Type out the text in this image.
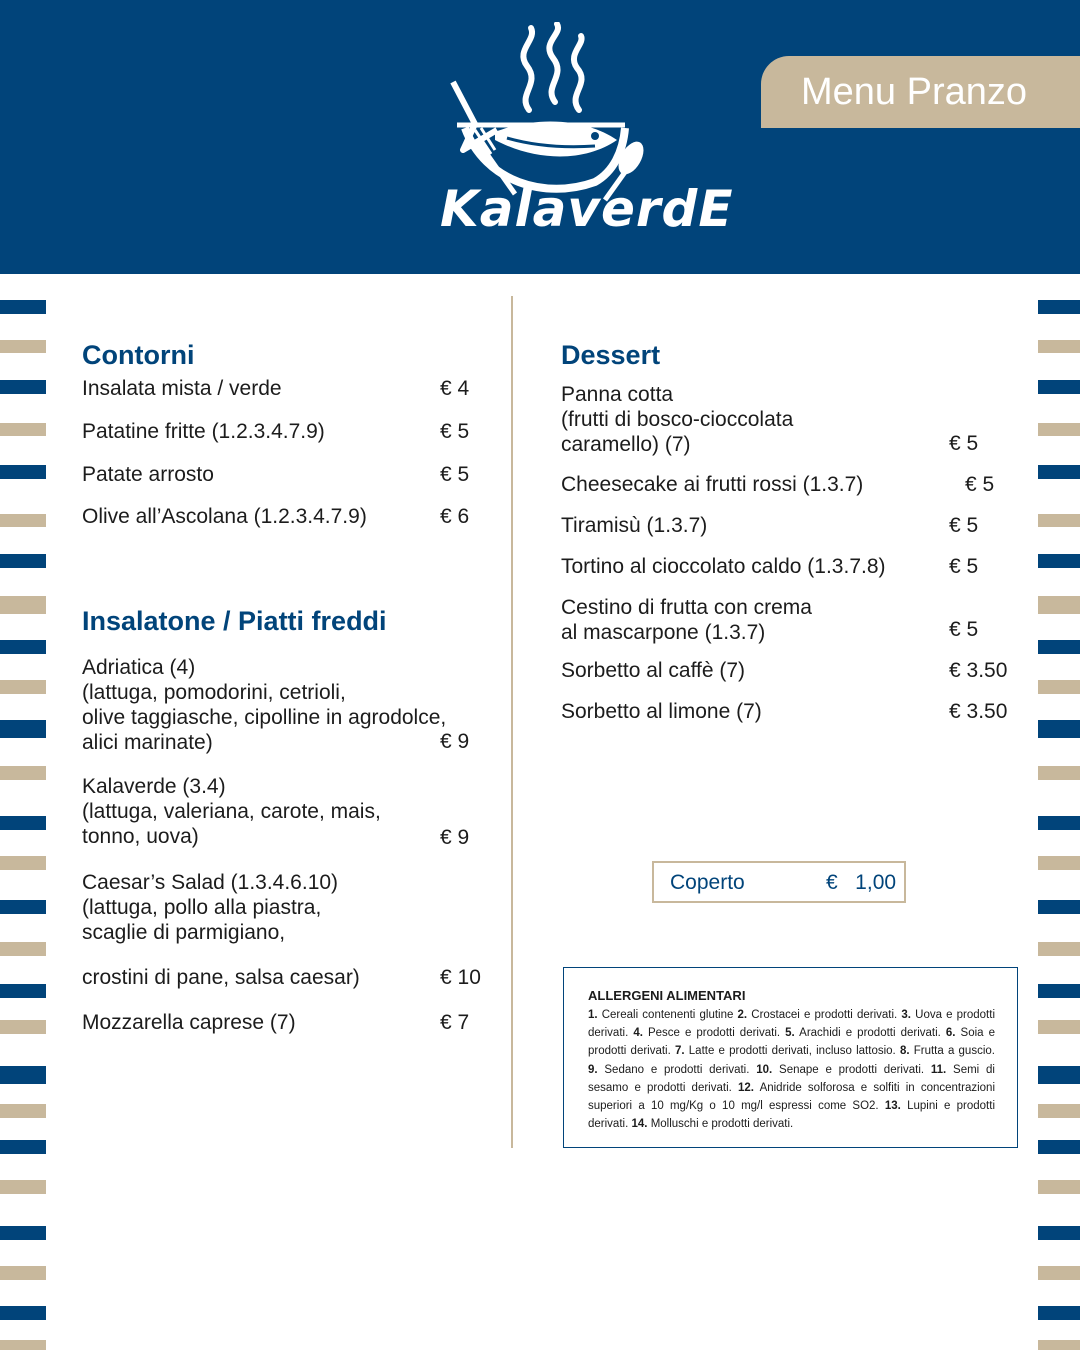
KalaverdE
Menu Pranzo
Contorni
Insalata mista / verde	€ 4
Patatine fritte (1.2.3.4.7.9)	€ 5
Patate arrosto	€ 5
Olive all’Ascolana (1.2.3.4.7.9)	€ 6
Insalatone / Piatti freddi
Adriatica (4)
(lattuga, pomodorini, cetrioli,
olive taggiasche, cipolline in agrodolce,
alici marinate)	€ 9
Kalaverde (3.4)
(lattuga, valeriana, carote, mais,
tonno, uova)	€ 9
Caesar’s Salad (1.3.4.6.10)
(lattuga, pollo alla piastra,
scaglie di parmigiano,
crostini di pane, salsa caesar)	€ 10
Mozzarella caprese (7)	€ 7
Dessert
Panna cotta
(frutti di bosco-cioccolata
caramello) (7)	€ 5
Cheesecake ai frutti rossi (1.3.7)	€ 5
Tiramisù (1.3.7)	€ 5
Tortino al cioccolato caldo (1.3.7.8)	€ 5
Cestino di frutta con crema
al mascarpone (1.3.7)	€ 5
Sorbetto al caffè (7)	€ 3.50
Sorbetto al limone (7)	€ 3.50
Coperto	€   1,00
ALLERGENI ALIMENTARI
1. Cereali contenenti glutine 2. Crostacei e prodotti derivati. 3. Uova e prodotti derivati. 4. Pesce e prodotti derivati. 5. Arachidi e prodotti derivati. 6. Soia e prodotti derivati. 7. Latte e prodotti derivati, incluso lattosio. 8. Frutta a guscio. 9. Sedano e prodotti derivati. 10. Senape e prodotti derivati. 11. Semi di sesamo e prodotti derivati. 12. Anidride solforosa e solfiti in concentrazioni superiori a 10 mg/Kg o 10 mg/l espressi come SO2. 13. Lupini e prodotti derivati. 14. Molluschi e prodotti derivati.
